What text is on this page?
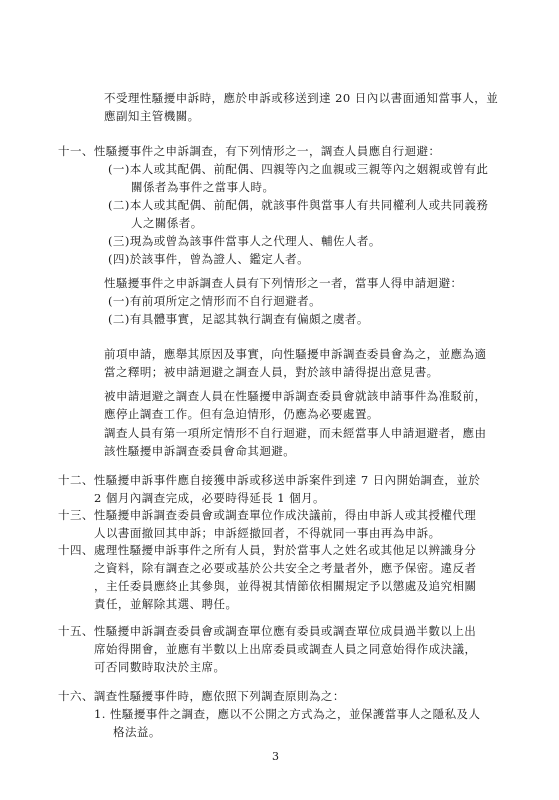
不受理性騷擾申訴時，應於申訴或移送到達 20 日內以書面通知當事人，並
應副知主管機關。
十一、性騷擾事件之申訴調查，有下列情形之一，調查人員應自行迴避：
(一)本人或其配偶、前配偶、四親等內之血親或三親等內之姻親或曾有此
關係者為事件之當事人時。
(二)本人或其配偶、前配偶，就該事件與當事人有共同權利人或共同義務
人之關係者。
(三)現為或曾為該事件當事人之代理人、輔佐人者。
(四)於該事件，曾為證人、鑑定人者。
性騷擾事件之申訴調查人員有下列情形之一者，當事人得申請迴避：
(一)有前項所定之情形而不自行迴避者。
(二)有具體事實，足認其執行調查有偏頗之虞者。
前項申請，應舉其原因及事實，向性騷擾申訴調查委員會為之，並應為適
當之釋明；被申請迴避之調查人員，對於該申請得提出意見書。
被申請迴避之調查人員在性騷擾申訴調查委員會就該申請事件為准駁前，
應停止調查工作。但有急迫情形，仍應為必要處置。
調查人員有第一項所定情形不自行迴避，而未經當事人申請迴避者，應由
該性騷擾申訴調查委員會命其迴避。
十二、性騷擾申訴事件應自接獲申訴或移送申訴案件到達 7 日內開始調查，並於
2 個月內調查完成，必要時得延長 1 個月。
十三、性騷擾申訴調查委員會或調查單位作成決議前，得由申訴人或其授權代理
人以書面撤回其申訴；申訴經撤回者，不得就同一事由再為申訴。
十四、處理性騷擾申訴事件之所有人員，對於當事人之姓名或其他足以辨識身分
之資料，除有調查之必要或基於公共安全之考量者外，應予保密。違反者
，主任委員應終止其參與，並得視其情節依相關規定予以懲處及追究相關
責任，並解除其選、聘任。
十五、性騷擾申訴調查委員會或調查單位應有委員或調查單位成員過半數以上出
席始得開會，並應有半數以上出席委員或調查人員之同意始得作成決議，
可否同數時取決於主席。
十六、調查性騷擾事件時，應依照下列調查原則為之：
1. 性騷擾事件之調查，應以不公開之方式為之，並保護當事人之隱私及人
格法益。
3
